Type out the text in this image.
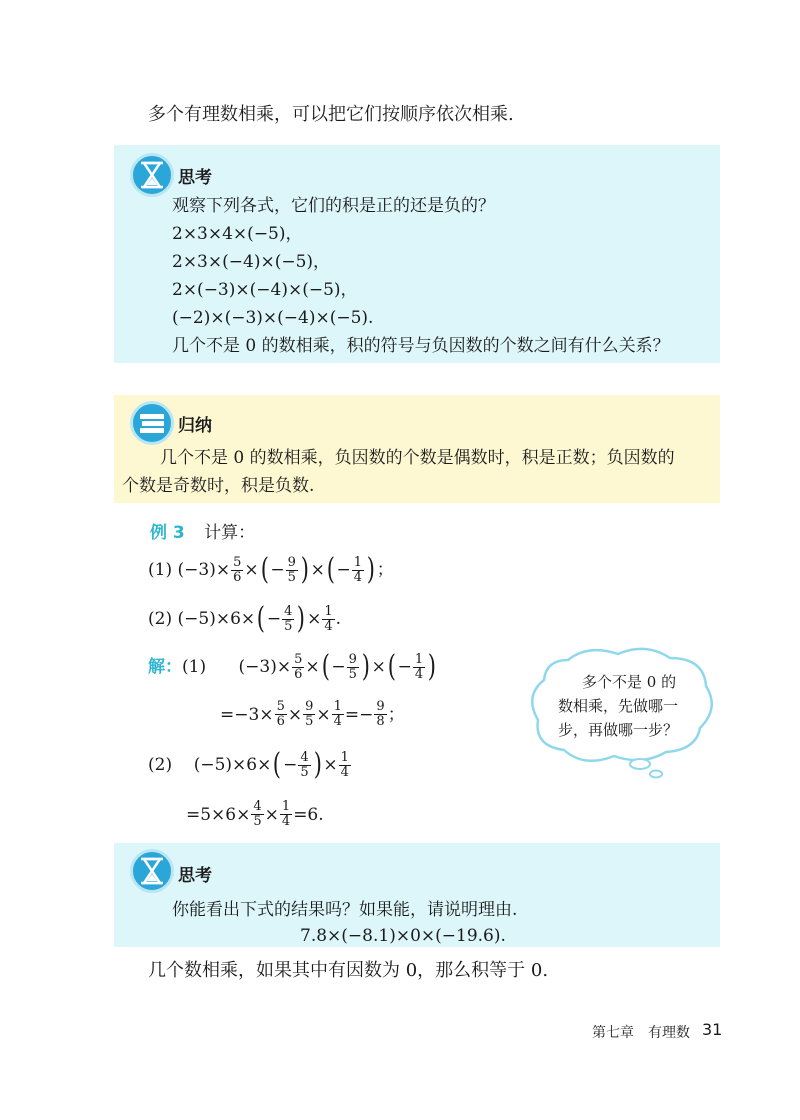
多个有理数相乘，可以把它们按顺序依次相乘.
思考
观察下列各式，它们的积是正的还是负的？
2×3×4×(−5)，
2×3×(−4)×(−5)，
2×(−3)×(−4)×(−5)，
(−2)×(−3)×(−4)×(−5).
几个不是 0 的数相乘，积的符号与负因数的个数之间有什么关系？
归纳
几个不是 0 的数相乘，负因数的个数是偶数时，积是正数；负因数的
个数是奇数时，积是负数.
例 3 计算：
(1) $(-3)\times \frac{5}{6}$ × ( − $\frac{9}{5}$ ) × ( − $\frac{1}{4}$ ) ；
(2) (−5)×6× ( − $\frac{4}{5}$ ) × $\frac{1}{4}$ .
解： (1) $(-3)\times \frac{5}{6}$ × ( − $\frac{9}{5}$ ) × ( − $\frac{1}{4}$ )
$=-3\times \frac{5}{6} \times \frac{9}{5} \times \frac{1}{4} =- \frac{9}{8}$ ；
(2) (−5)×6× ( − $\frac{4}{5}$ ) × $\frac{1}{4}$
$=5\times 6\times \frac{4}{5} \times \frac{1}{4} =6$.
多个不是 0 的
数相乘，先做哪一
步，再做哪一步？
思考
你能看出下式的结果吗？如果能，请说明理由.
7.8×(−8.1)×0×(−19.6).
几个数相乘，如果其中有因数为 0，那么积等于 0.
第七章　有理数 31
